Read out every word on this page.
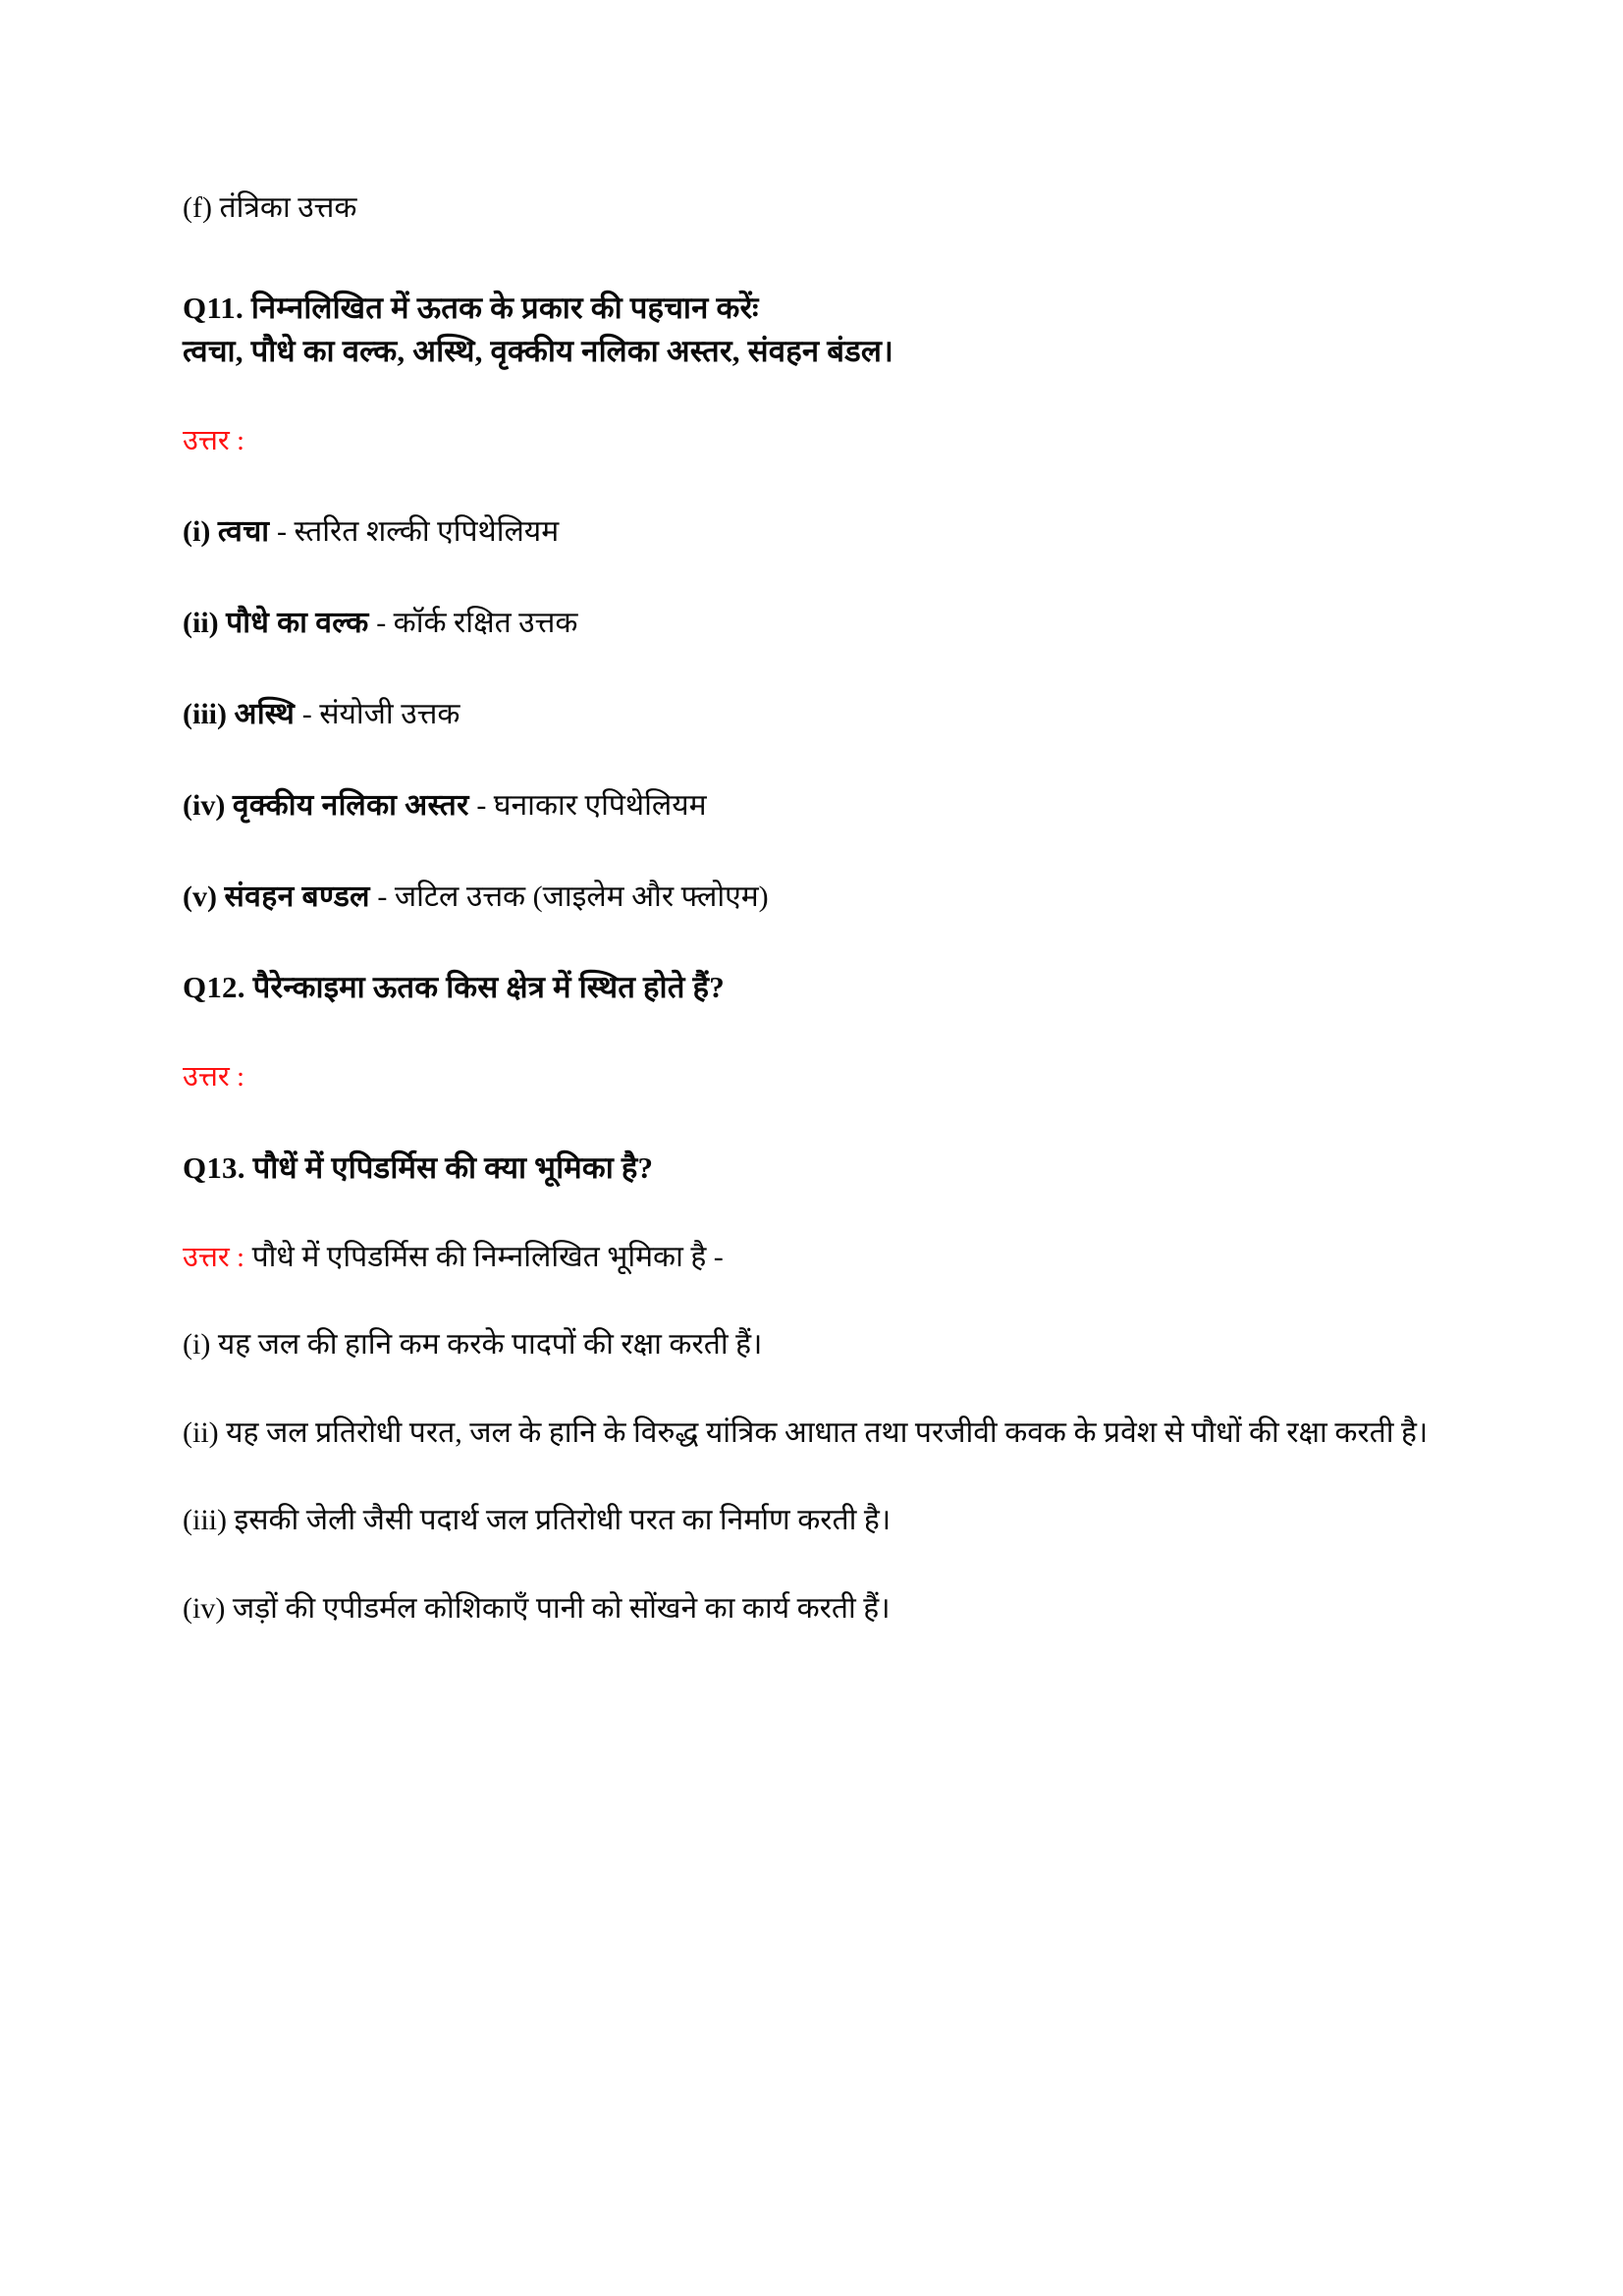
(f) तंत्रिका उत्तक

Q11. निम्नलिखित में ऊतक के प्रकार की पहचान करेंः
त्वचा, पौधे का वल्क, अस्थि, वृक्कीय नलिका अस्तर, संवहन बंडल।

उत्तर :

(i) त्वचा - स्तरित शल्की एपिथेलियम

(ii) पौधे का वल्क - कॉर्क रक्षित उत्तक

(iii) अस्थि - संयोजी उत्तक

(iv) वृक्कीय नलिका अस्तर - घनाकार एपिथेलियम

(v) संवहन बण्डल - जटिल उत्तक (जाइलेम और फ्लोएम)

Q12. पैरेन्काइमा ऊतक किस क्षेत्र में स्थित होते हैं?

उत्तर :

Q13. पौधें में एपिडर्मिस की क्या भूमिका है?

उत्तर : पौधे में एपिडर्मिस की निम्नलिखित भूमिका है -

(i) यह जल की हानि कम करके पादपों की रक्षा करती हैं।

(ii) यह जल प्रतिरोधी परत, जल के हानि के विरुद्ध यांत्रिक आधात तथा परजीवी कवक के प्रवेश से पौधों की रक्षा करती है।

(iii) इसकी जेली जैसी पदार्थ जल प्रतिरोधी परत का निर्माण करती है।

(iv) जड़ों की एपीडर्मल कोशिकाएँ पानी को सोंखने का कार्य करती हैं।
